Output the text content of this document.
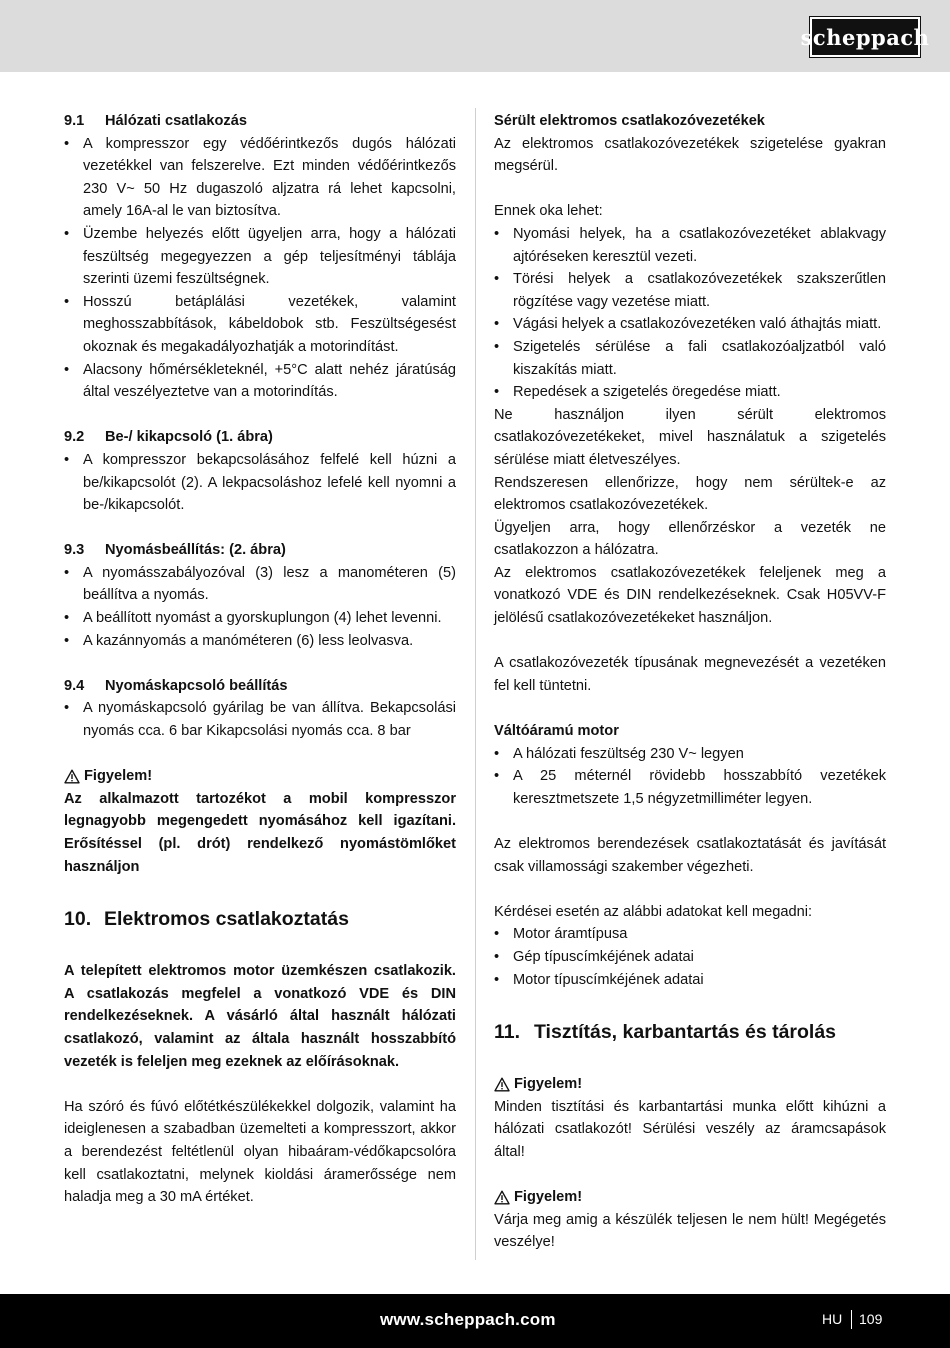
scheppach

9.1 Hálózati csatlakozás

• A kompresszor egy védőérintkezős dugós hálózati vezetékkel van felszerelve. Ezt minden védőérintkezős 230 V~ 50 Hz dugaszoló aljzatra rá lehet kapcsolni, amely 16A-al le van biztosítva.
• Üzembe helyezés előtt ügyeljen arra, hogy a hálózati feszültség megegyezzen a gép teljesítményi táblája szerinti üzemi feszültségnek.
• Hosszú betáplálási vezetékek, valamint meghosszabbítások, kábeldobok stb. Feszültségesést okoznak és megakadályozhatják a motorindítást.
• Alacsony hőmérsékleteknél, +5°C alatt nehéz járatúság által veszélyeztetve van a motorindítás.

9.2 Be-/ kikapcsoló (1. ábra)

• A kompresszor bekapcsolásához felfelé kell húzni a be/kikapcsolót (2). A lekpacsoláshoz lefelé kell nyomni a be-/kikapcsolót.

9.3 Nyomásbeállítás: (2. ábra)

• A nyomásszabályozóval (3) lesz a manométeren (5) beállítva a nyomás.
• A beállított nyomást a gyorskuplungon (4) lehet levenni.
• A kazánnyomás a manóméteren (6) less leolvasva.

9.4 Nyomáskapcsoló beállítás

• A nyomáskapcsoló gyárilag be van állítva. Bekapcsolási nyomás cca. 6 bar Kikapcsolási nyomás cca. 8 bar

Figyelem!

Az alkalmazott tartozékot a mobil kompresszor legnagyobb megengedett nyomásához kell igazítani. Erősítéssel (pl. drót) rendelkező nyomástömlőket használjon

10. Elektromos csatlakoztatás

A telepített elektromos motor üzemkészen csatlakozik. A csatlakozás megfelel a vonatkozó VDE és DIN rendelkezéseknek. A vásárló által használt hálózati csatlakozó, valamint az általa használt hosszabbító vezeték is feleljen meg ezeknek az előírásoknak.

Ha szóró és fúvó előtétkészülékekkel dolgozik, valamint ha ideiglenesen a szabadban üzemelteti a kompresszort, akkor a berendezést feltétlenül olyan hibaáram-védőkapcsolóra kell csatlakoztatni, melynek kioldási áramerőssége nem haladja meg a 30 mA értéket.

Sérült elektromos csatlakozóvezetékek

Az elektromos csatlakozóvezetékek szigetelése gyakran megsérül.

Ennek oka lehet:

• Nyomási helyek, ha a csatlakozóvezetéket ablakvagy ajtóréseken keresztül vezeti.
• Törési helyek a csatlakozóvezetékek szakszerűtlen rögzítése vagy vezetése miatt.
• Vágási helyek a csatlakozóvezetéken való áthajtás miatt.
• Szigetelés sérülése a fali csatlakozóaljzatból való kiszakítás miatt.
• Repedések a szigetelés öregedése miatt.

Ne használjon ilyen sérült elektromos csatlakozóvezetékeket, mivel használatuk a szigetelés sérülése miatt életveszélyes.

Rendszeresen ellenőrizze, hogy nem sérültek-e az elektromos csatlakozóvezetékek.

Ügyeljen arra, hogy ellenőrzéskor a vezeték ne csatlakozzon a hálózatra.

Az elektromos csatlakozóvezetékek feleljenek meg a vonatkozó VDE és DIN rendelkezéseknek. Csak H05VV-F jelölésű csatlakozóvezetékeket használjon.

A csatlakozóvezeték típusának megnevezését a vezetéken fel kell tüntetni.

Váltóáramú motor

• A hálózati feszültség 230 V~ legyen
• A 25 méternél rövidebb hosszabbító vezetékek keresztmetszete 1,5 négyzetmilliméter legyen.

Az elektromos berendezések csatlakoztatását és javítását csak villamossági szakember végezheti.

Kérdései esetén az alábbi adatokat kell megadni:

• Motor áramtípusa
• Gép típuscímkéjének adatai
• Motor típuscímkéjének adatai

11. Tisztítás, karbantartás és tárolás

Figyelem!

Minden tisztítási és karbantartási munka előtt kihúzni a hálózati csatlakozót! Sérülési veszély az áramcsapások által!

Figyelem!

Várja meg amig a készülék teljesen le nem hült! Megégetés veszélye!

www.scheppach.com	HU 109
